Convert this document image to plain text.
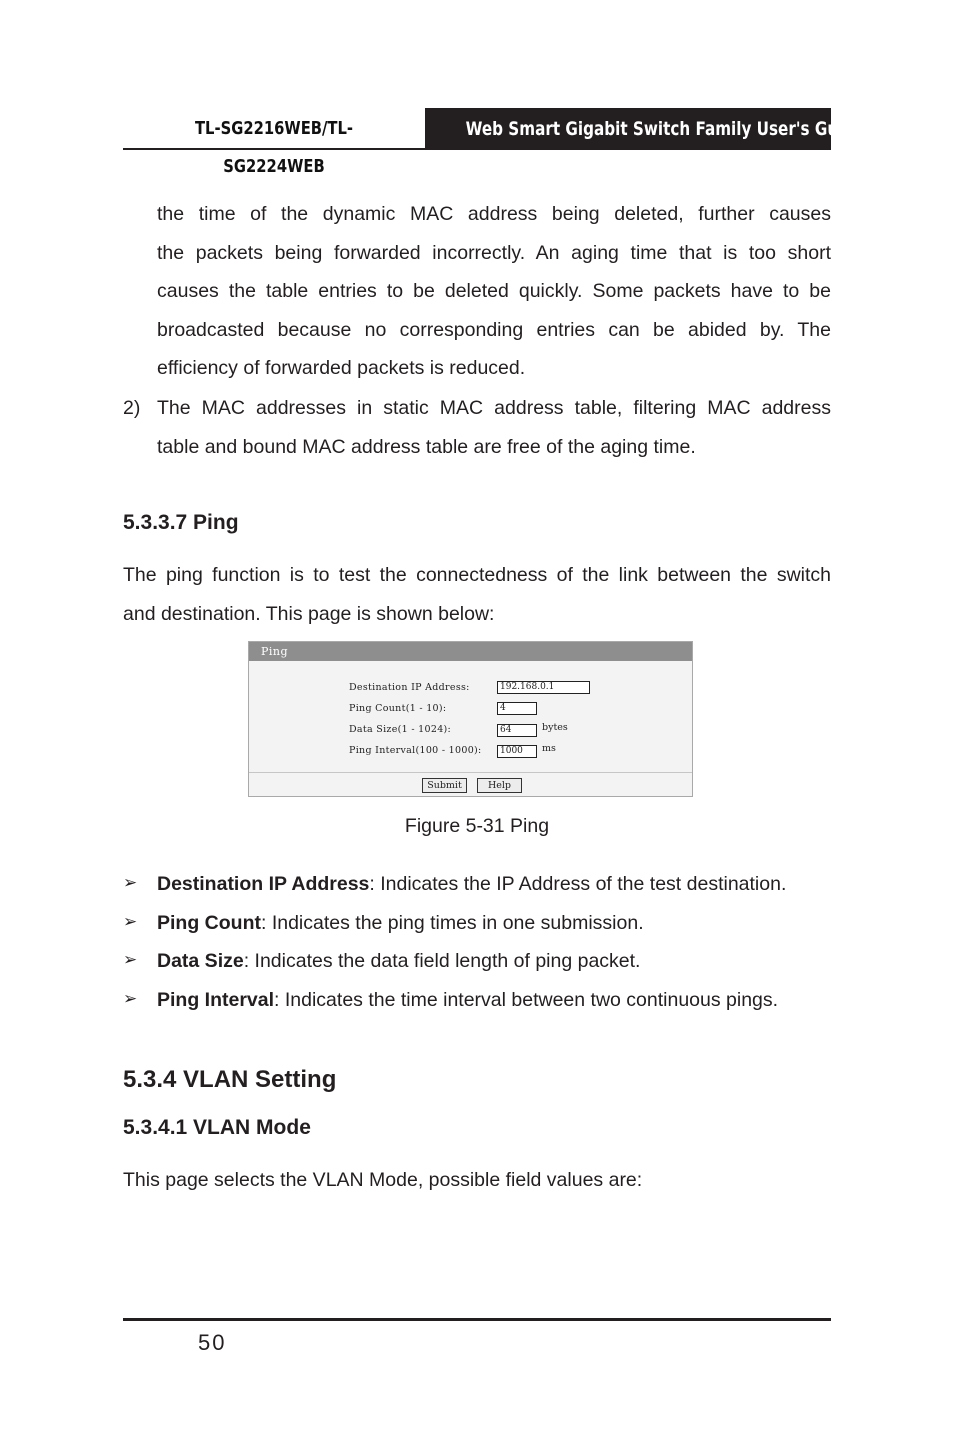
TL-SG2216WEB/TL-SG2224WEB
Web Smart Gigabit Switch Family User's Guide
the time of the dynamic MAC address being deleted, further causes
the packets being forwarded incorrectly. An aging time that is too short
causes the table entries to be deleted quickly. Some packets have to be
broadcasted because no corresponding entries can be abided by. The
efficiency of forwarded packets is reduced.
2) The MAC addresses in static MAC address table, filtering MAC address
table and bound MAC address table are free of the aging time.
5.3.3.7 Ping
The ping function is to test the connectedness of the link between the switch
and destination. This page is shown below:
Ping
Destination IP Address:	192.168.0.1
Ping Count(1 - 10):	4
Data Size(1 - 1024):	64	bytes
Ping Interval(100 - 1000):	1000	ms
Submit	Help
Figure 5-31 Ping
➢ Destination IP Address: Indicates the IP Address of the test destination.
➢ Ping Count: Indicates the ping times in one submission.
➢ Data Size: Indicates the data field length of ping packet.
➢ Ping Interval: Indicates the time interval between two continuous pings.
5.3.4 VLAN Setting
5.3.4.1 VLAN Mode
This page selects the VLAN Mode, possible field values are:
50
